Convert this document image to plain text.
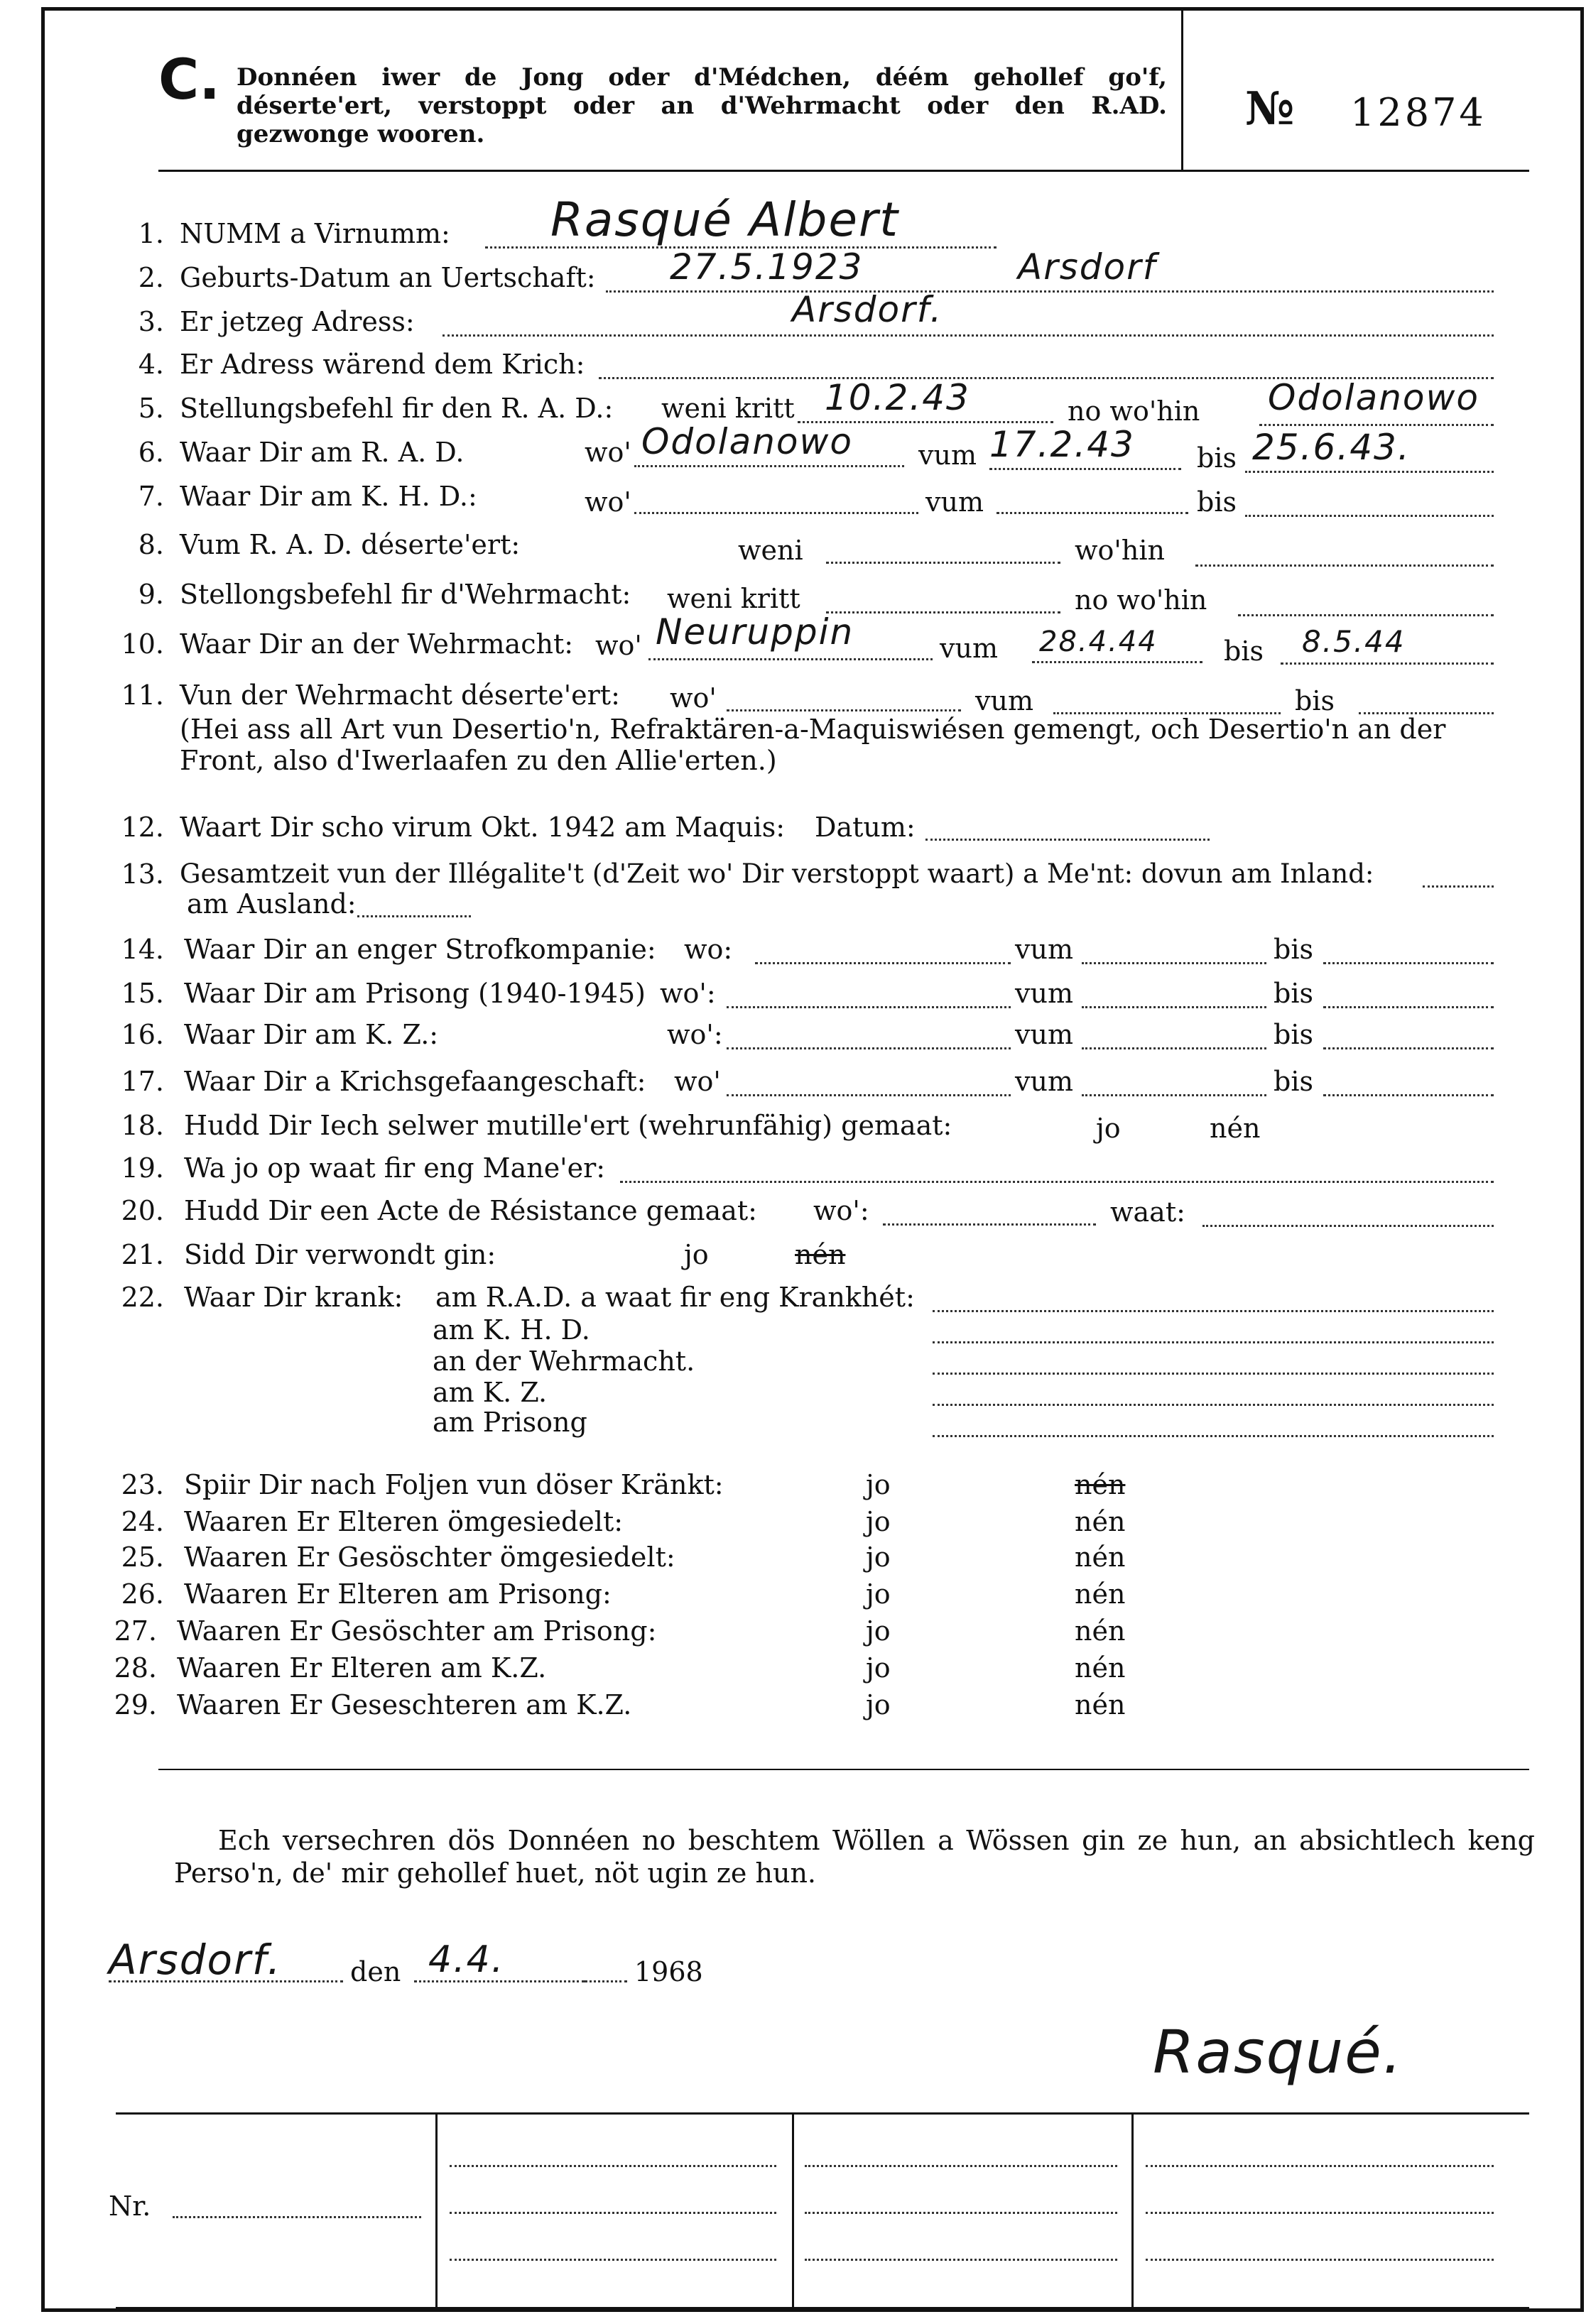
C. Donnéen iwer de Jong oder d'Médchen, déém gehollef go'f, déserte'ert, verstoppt oder an d'Wehrmacht oder den R.AD. gezwonge wooren.	№ 12874
1. NUMM a Virnumm: Rasqué Albert
2. Geburts-Datum an Uertschaft: 27.5.1923	Arsdorf
3. Er jetzeg Adress:	Arsdorf.
4. Er Adress wärend dem Krich:
5. Stellungsbefehl fir den R. A. D.: weni kritt 10.2.43	no wo'hin Odolanowo
6. Waar Dir am R. A. D.	wo' Odolanowo vum 17.2.43 bis 25.6.43.
7. Waar Dir am K. H. D.:	wo'	vum	bis
8. Vum R. A. D. déserte'ert:	weni	wo'hin
9. Stellongsbefehl fir d'Wehrmacht: weni kritt	no wo'hin
10. Waar Dir an der Wehrmacht: wo' Neuruppin	vum 28.4.44 bis 8.5.44
11. Vun der Wehrmacht déserte'ert: wo'	vum	bis
(Hei ass all Art vun Desertio'n, Refraktären-a-Maquiswiésen gemengt, och Desertio'n an der Front, also d'Iwerlaafen zu den Allie'erten.)
12. Waart Dir scho virum Okt. 1942 am Maquis: Datum:
13. Gesamtzeit vun der Illégalite't (d'Zeit wo' Dir verstoppt waart) a Me'nt: dovun am Inland:
am Ausland:
14. Waar Dir an enger Strofkompanie: wo:	vum	bis
15. Waar Dir am Prisong (1940-1945) wo':	vum	bis
16. Waar Dir am K. Z.:	wo':	vum	bis
17. Waar Dir a Krichsgefaangeschaft: wo'	vum	bis
18. Hudd Dir Iech selwer mutille'ert (wehrunfähig) gemaat:	jo	nén
19. Wa jo op waat fir eng Mane'er:
20. Hudd Dir een Acte de Résistance gemaat: wo':	waat:
21. Sidd Dir verwondt gin:	jo	nén
22. Waar Dir krank: am R.A.D. a waat fir eng Krankhét:
am K. H. D.
an der Wehrmacht.
am K. Z.
am Prisong
23. Spiir Dir nach Foljen vun döser Kränkt:	jo	nén
24. Waaren Er Elteren ömgesiedelt:	jo	nén
25. Waaren Er Gesöschter ömgesiedelt:	jo	nén
26. Waaren Er Elteren am Prisong:	jo	nén
27. Waaren Er Gesöschter am Prisong:	jo	nén
28. Waaren Er Elteren am K.Z.	jo	nén
29. Waaren Er Geseschteren am K.Z.	jo	nén
Ech versechren dös Donnéen no beschtem Wöllen a Wössen gin ze hun, an absichtlech keng Perso'n, de' mir gehollef huet, nöt ugin ze hun.
Arsdorf.	den 4.4.	1968
Rasqué.
Nr.
